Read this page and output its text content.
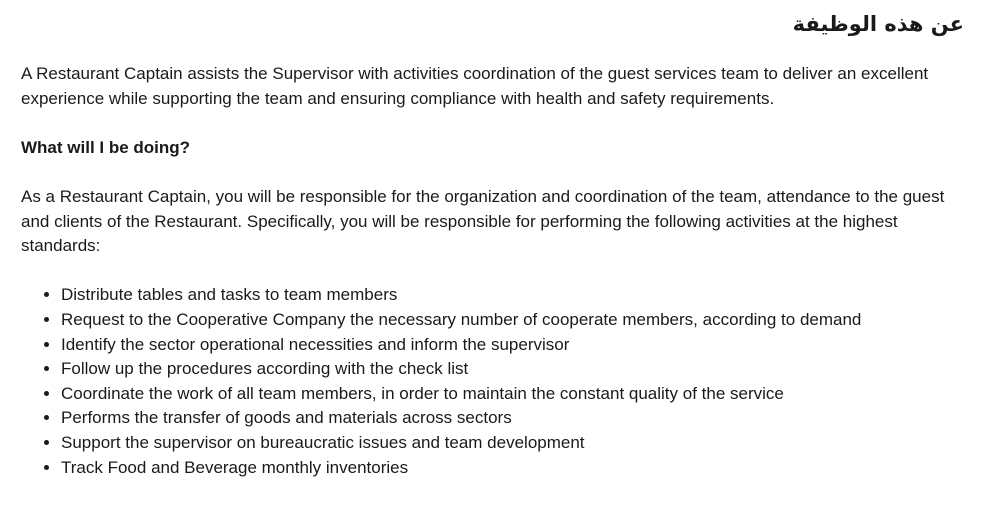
عن هذه الوظيفة

A Restaurant Captain assists the Supervisor with activities coordination of the guest services team to deliver an excellent experience while supporting the team and ensuring compliance with health and safety requirements.

What will I be doing?

As a Restaurant Captain, you will be responsible for the organization and coordination of the team, attendance to the guest and clients of the Restaurant. Specifically, you will be responsible for performing the following activities at the highest standards:

• Distribute tables and tasks to team members
• Request to the Cooperative Company the necessary number of cooperate members, according to demand
• Identify the sector operational necessities and inform the supervisor
• Follow up the procedures according with the check list
• Coordinate the work of all team members, in order to maintain the constant quality of the service
• Performs the transfer of goods and materials across sectors
• Support the supervisor on bureaucratic issues and team development
• Track Food and Beverage monthly inventories
